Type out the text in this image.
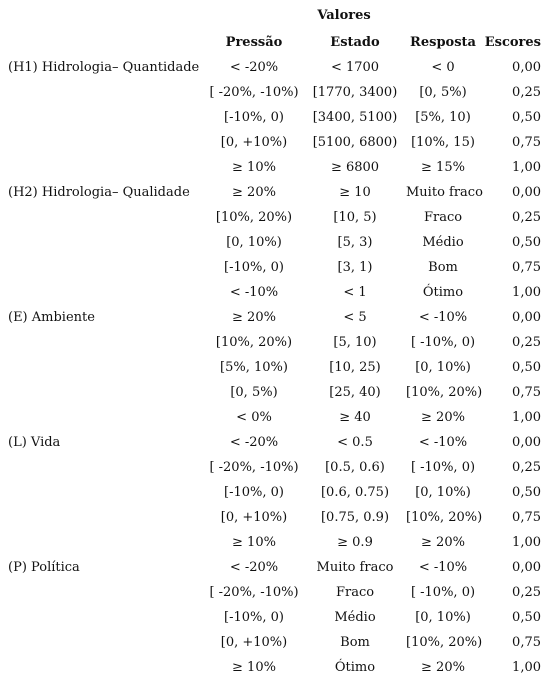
Valores
	Pressão	Estado	Resposta	Escores
(H1) Hidrologia– Quantidade	< -20%	< 1700	< 0	0,00
	[ -20%, -10%)	[1770, 3400)	[0, 5%)	0,25
	[-10%, 0)	[3400, 5100)	[5%, 10)	0,50
	[0, +10%)	[5100, 6800)	[10%, 15)	0,75
	≥ 10%	≥ 6800	≥ 15%	1,00
(H2) Hidrologia– Qualidade	≥ 20%	≥ 10	Muito fraco	0,00
	[10%, 20%)	[10, 5)	Fraco	0,25
	[0, 10%)	[5, 3)	Médio	0,50
	[-10%, 0)	[3, 1)	Bom	0,75
	< -10%	< 1	Ótimo	1,00
(E) Ambiente	≥ 20%	< 5	< -10%	0,00
	[10%, 20%)	[5, 10)	[ -10%, 0)	0,25
	[5%, 10%)	[10, 25)	[0, 10%)	0,50
	[0, 5%)	[25, 40)	[10%, 20%)	0,75
	< 0%	≥ 40	≥ 20%	1,00
(L) Vida	< -20%	< 0.5	< -10%	0,00
	[ -20%, -10%)	[0.5, 0.6)	[ -10%, 0)	0,25
	[-10%, 0)	[0.6, 0.75)	[0, 10%)	0,50
	[0, +10%)	[0.75, 0.9)	[10%, 20%)	0,75
	≥ 10%	≥ 0.9	≥ 20%	1,00
(P) Política	< -20%	Muito fraco	< -10%	0,00
	[ -20%, -10%)	Fraco	[ -10%, 0)	0,25
	[-10%, 0)	Médio	[0, 10%)	0,50
	[0, +10%)	Bom	[10%, 20%)	0,75
	≥ 10%	Ótimo	≥ 20%	1,00
